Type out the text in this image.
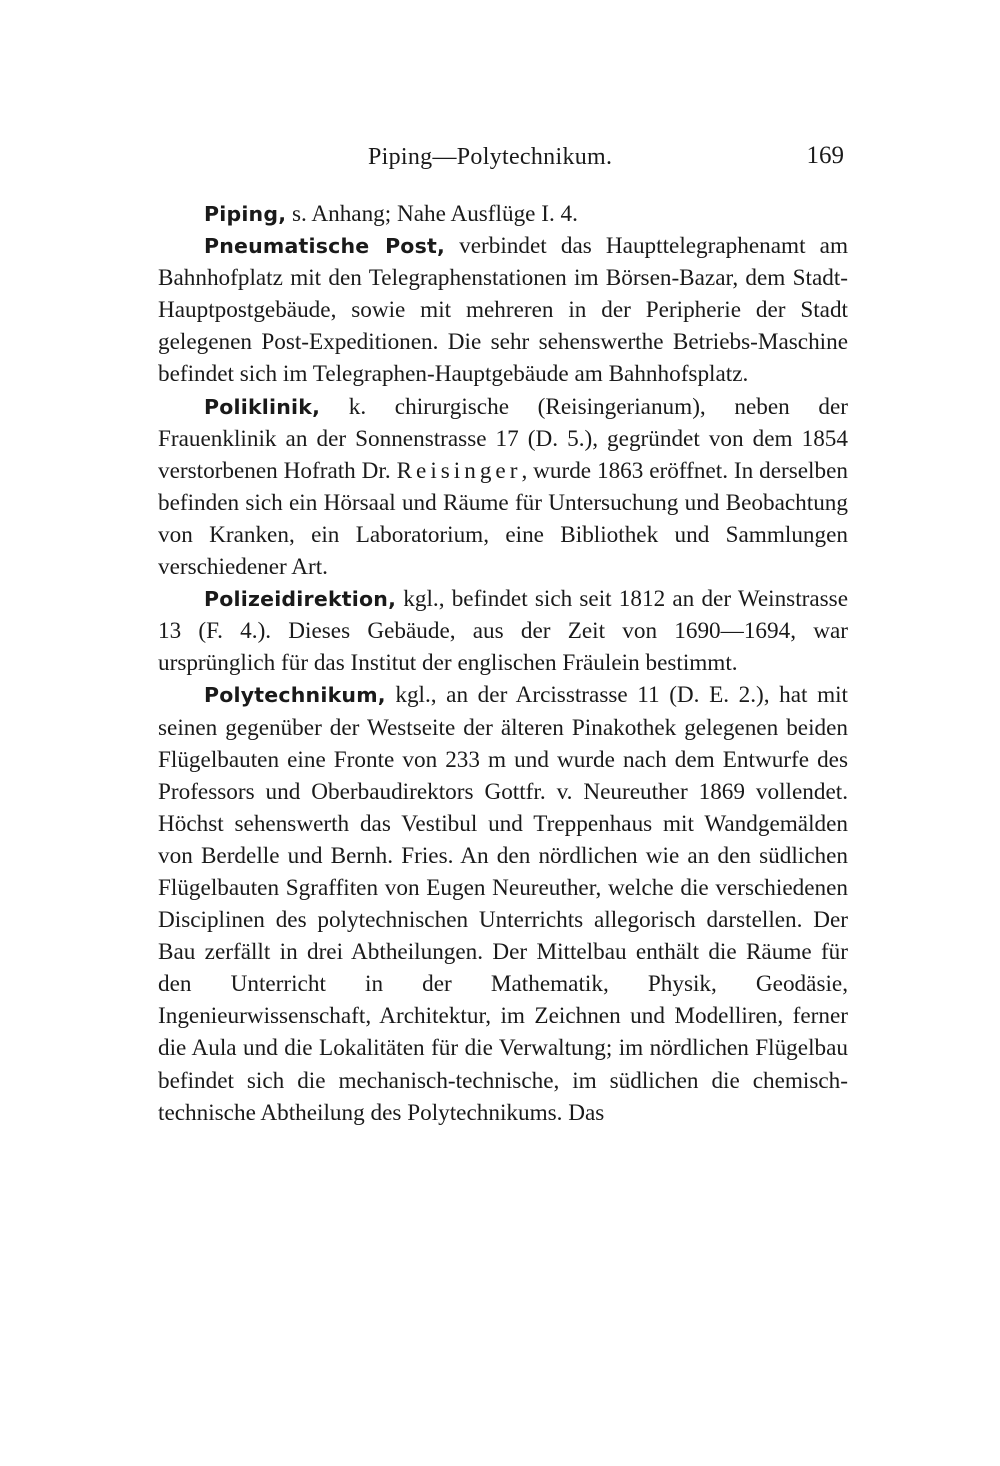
Piping—Polytechnikum.	169

Piping, s. Anhang; Nahe Ausflüge I. 4.

Pneumatische Post, verbindet das Haupttelegraphenamt am Bahnhofplatz mit den Telegraphenstationen im Börsen-Bazar, dem Stadt-Hauptpostgebäude, sowie mit mehreren in der Peripherie der Stadt gelegenen Post-Expeditionen. Die sehr sehenswerthe Betriebs-Maschine befindet sich im Telegraphen-Hauptgebäude am Bahnhofsplatz.

Poliklinik, k. chirurgische (Reisingerianum), neben der Frauenklinik an der Sonnenstrasse 17 (D. 5.), gegründet von dem 1854 verstorbenen Hofrath Dr. Reisinger, wurde 1863 eröffnet. In derselben befinden sich ein Hörsaal und Räume für Untersuchung und Beobachtung von Kranken, ein Laboratorium, eine Bibliothek und Sammlungen verschiedener Art.

Polizeidirektion, kgl., befindet sich seit 1812 an der Weinstrasse 13 (F. 4.). Dieses Gebäude, aus der Zeit von 1690—1694, war ursprünglich für das Institut der englischen Fräulein bestimmt.

Polytechnikum, kgl., an der Arcisstrasse 11 (D. E. 2.), hat mit seinen gegenüber der Westseite der älteren Pinakothek gelegenen beiden Flügelbauten eine Fronte von 233 m und wurde nach dem Entwurfe des Professors und Oberbaudirektors Gottfr. v. Neureuther 1869 vollendet. Höchst sehenswerth das Vestibul und Treppenhaus mit Wandgemälden von Berdelle und Bernh. Fries. An den nördlichen wie an den südlichen Flügelbauten Sgraffiten von Eugen Neureuther, welche die verschiedenen Disciplinen des polytechnischen Unterrichts allegorisch darstellen. Der Bau zerfällt in drei Abtheilungen. Der Mittelbau enthält die Räume für den Unterricht in der Mathematik, Physik, Geodäsie, Ingenieurwissenschaft, Architektur, im Zeichnen und Modelliren, ferner die Aula und die Lokalitäten für die Verwaltung; im nördlichen Flügelbau befindet sich die mechanisch-technische, im südlichen die chemisch-technische Abtheilung des Polytechnikums. Das
